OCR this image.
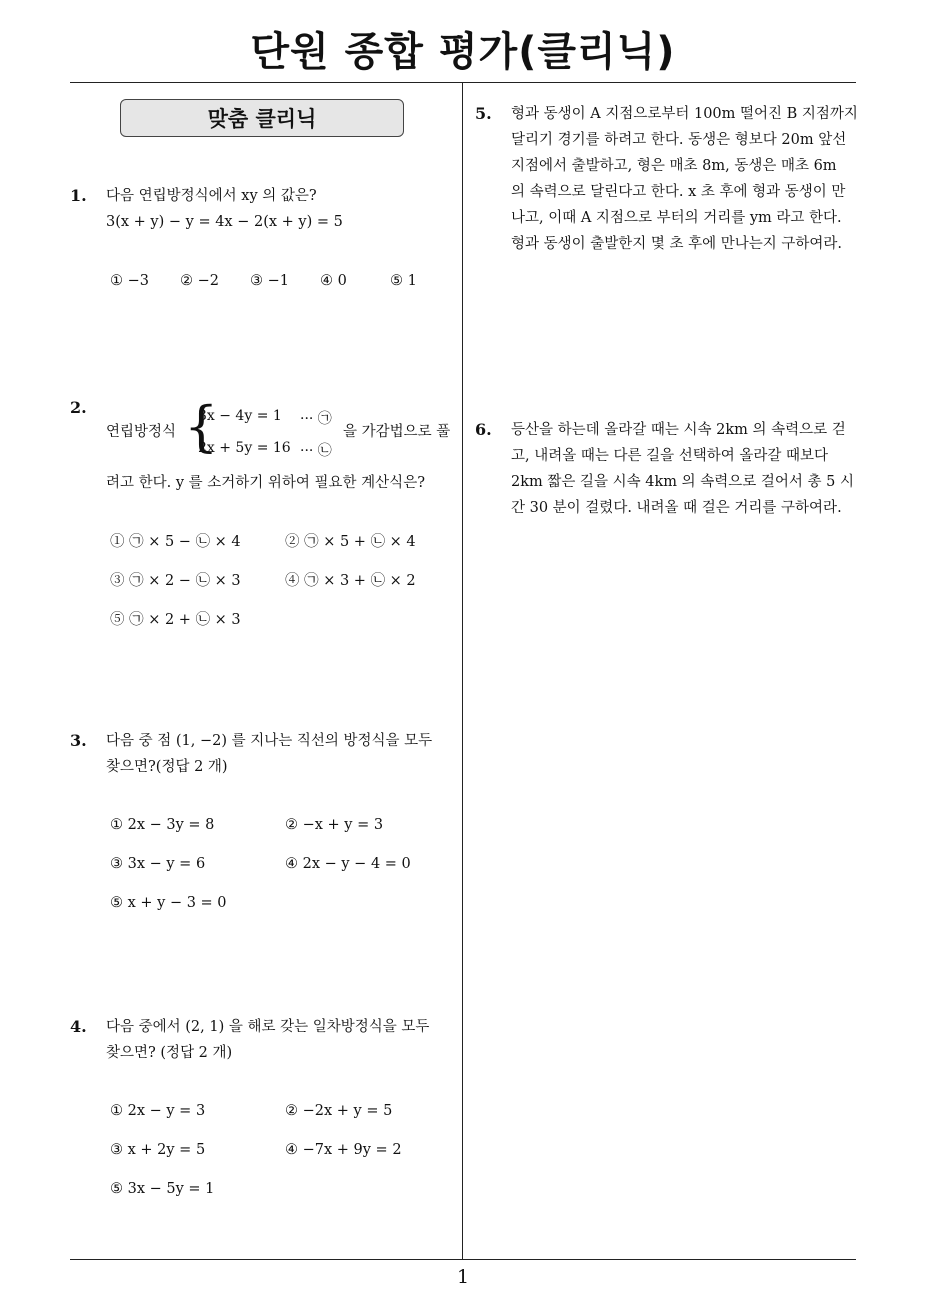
단원 종합 평가(클리닉)
1
맞춤 클리닉
1. 다음 연립방정식에서 xy 의 값은?
3(x + y) − y = 4x − 2(x + y) = 5
① −3 ② −2 ③ −1 ④ 0	⑤ 1
2.
연립방정식 {
3x − 4y = 1 ··· ㉠
2x + 5y = 16 ··· ㉡
을 가감법으로 풀
려고 한다. y 를 소거하기 위하여 필요한 계산식은?
① ㉠ × 5 − ㉡ × 4	② ㉠ × 5 + ㉡ × 4
③ ㉠ × 2 − ㉡ × 3	④ ㉠ × 3 + ㉡ × 2
⑤ ㉠ × 2 + ㉡ × 3
3. 다음 중 점 (1, −2) 를 지나는 직선의 방정식을 모두
찾으면?(정답 2 개)
① 2x − 3y = 8	② −x + y = 3
③ 3x − y = 6	④ 2x − y − 4 = 0
⑤ x + y − 3 = 0
4. 다음 중에서 (2, 1) 을 해로 갖는 일차방정식을 모두
찾으면? (정답 2 개)
① 2x − y = 3	② −2x + y = 5
③ x + 2y = 5	④ −7x + 9y = 2
⑤ 3x − 5y = 1
5. 형과 동생이 A 지점으로부터 100m 떨어진 B 지점까지
달리기 경기를 하려고 한다. 동생은 형보다 20m 앞선
지점에서 출발하고, 형은 매초 8m, 동생은 매초 6m
의 속력으로 달린다고 한다. x 초 후에 형과 동생이 만
나고, 이때 A 지점으로 부터의 거리를 ym 라고 한다.
형과 동생이 출발한지 몇 초 후에 만나는지 구하여라.
6. 등산을 하는데 올라갈 때는 시속 2km 의 속력으로 걷
고, 내려올 때는 다른 길을 선택하여 올라갈 때보다
2km 짧은 길을 시속 4km 의 속력으로 걸어서 총 5 시
간 30 분이 걸렸다. 내려올 때 걸은 거리를 구하여라.
